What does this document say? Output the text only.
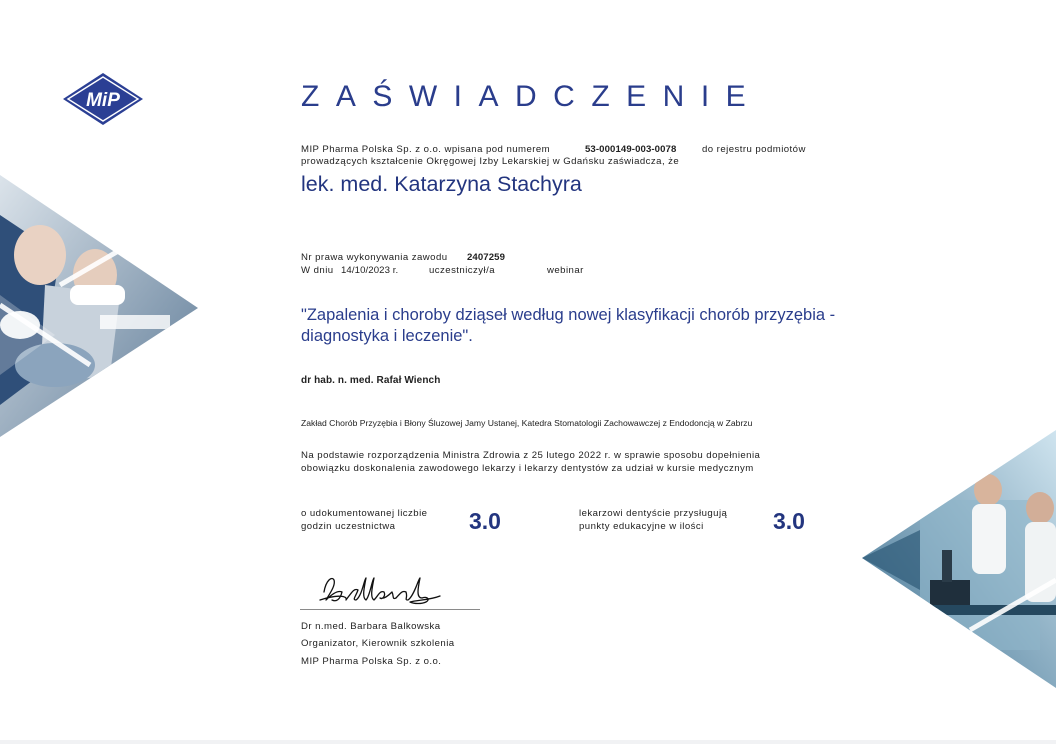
MiP	ZAŚWIADCZENIE
MIP Pharma Polska Sp. z o.o. wpisana pod numerem	53-000149-003-0078	do rejestru podmiotów
prowadzących kształcenie Okręgowej Izby Lekarskiej w Gdańsku zaświadcza, że
lek. med. Katarzyna Stachyra
Nr prawa wykonywania zawodu 2407259
W dniu 14/10/2023 r.	uczestniczył/a	webinar
"Zapalenia i choroby dziąseł według nowej klasyfikacji chorób przyzębia - diagnostyka i leczenie".
dr hab. n. med. Rafał Wiench
Zakład Chorób Przyzębia i Błony Śluzowej Jamy Ustanej, Katedra Stomatologii Zachowawczej z Endodoncją w Zabrzu
Na podstawie rozporządzenia Ministra Zdrowia z 25 lutego 2022 r. w sprawie sposobu dopełnienia
obowiązku doskonalenia zawodowego lekarzy i lekarzy dentystów za udział w kursie medycznym
o udokumentowanej liczbie
godzin uczestnictwa	3.0	lekarzowi dentyście przysługują
punkty edukacyjne w ilości	3.0
Dr n.med. Barbara Balkowska
Organizator, Kierownik szkolenia
MIP Pharma Polska Sp. z o.o.
